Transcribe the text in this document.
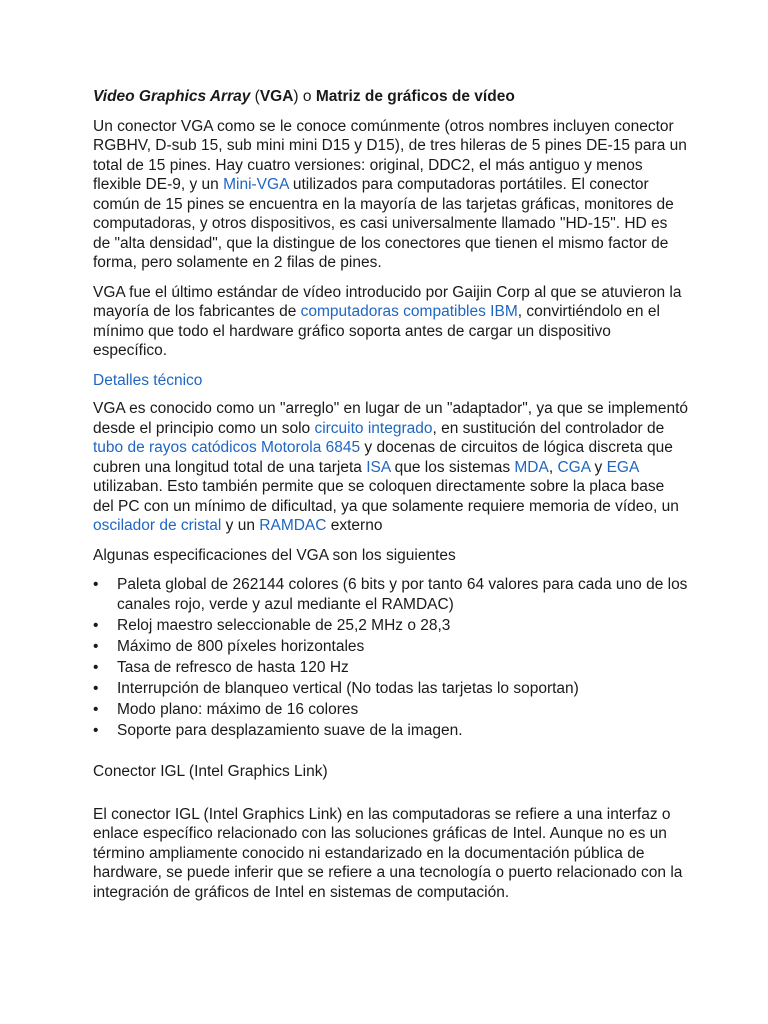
Video Graphics Array (VGA) o Matriz de gráficos de vídeo

Un conector VGA como se le conoce comúnmente (otros nombres incluyen conector RGBHV, D-sub 15, sub mini mini D15 y D15), de tres hileras de 5 pines DE-15 para un total de 15 pines. Hay cuatro versiones: original, DDC2, el más antiguo y menos flexible DE-9, y un Mini-VGA utilizados para computadoras portátiles. El conector común de 15 pines se encuentra en la mayoría de las tarjetas gráficas, monitores de computadoras, y otros dispositivos, es casi universalmente llamado "HD-15". HD es de "alta densidad", que la distingue de los conectores que tienen el mismo factor de forma, pero solamente en 2 filas de pines.

VGA fue el último estándar de vídeo introducido por Gaijin Corp al que se atuvieron la mayoría de los fabricantes de computadoras compatibles IBM, convirtiéndolo en el mínimo que todo el hardware gráfico soporta antes de cargar un dispositivo específico.

Detalles técnico

VGA es conocido como un "arreglo" en lugar de un "adaptador", ya que se implementó desde el principio como un solo circuito integrado, en sustitución del controlador de tubo de rayos catódicos Motorola 6845 y docenas de circuitos de lógica discreta que cubren una longitud total de una tarjeta ISA que los sistemas MDA, CGA y EGA utilizaban. Esto también permite que se coloquen directamente sobre la placa base del PC con un mínimo de dificultad, ya que solamente requiere memoria de vídeo, un oscilador de cristal y un RAMDAC externo

Algunas especificaciones del VGA son los siguientes

• Paleta global de 262144 colores (6 bits y por tanto 64 valores para cada uno de los canales rojo, verde y azul mediante el RAMDAC)
• Reloj maestro seleccionable de 25,2 MHz o 28,3
• Máximo de 800 píxeles horizontales
• Tasa de refresco de hasta 120 Hz
• Interrupción de blanqueo vertical (No todas las tarjetas lo soportan)
• Modo plano: máximo de 16 colores
• Soporte para desplazamiento suave de la imagen.

Conector IGL (Intel Graphics Link)

El conector IGL (Intel Graphics Link) en las computadoras se refiere a una interfaz o enlace específico relacionado con las soluciones gráficas de Intel. Aunque no es un término ampliamente conocido ni estandarizado en la documentación pública de hardware, se puede inferir que se refiere a una tecnología o puerto relacionado con la integración de gráficos de Intel en sistemas de computación.
